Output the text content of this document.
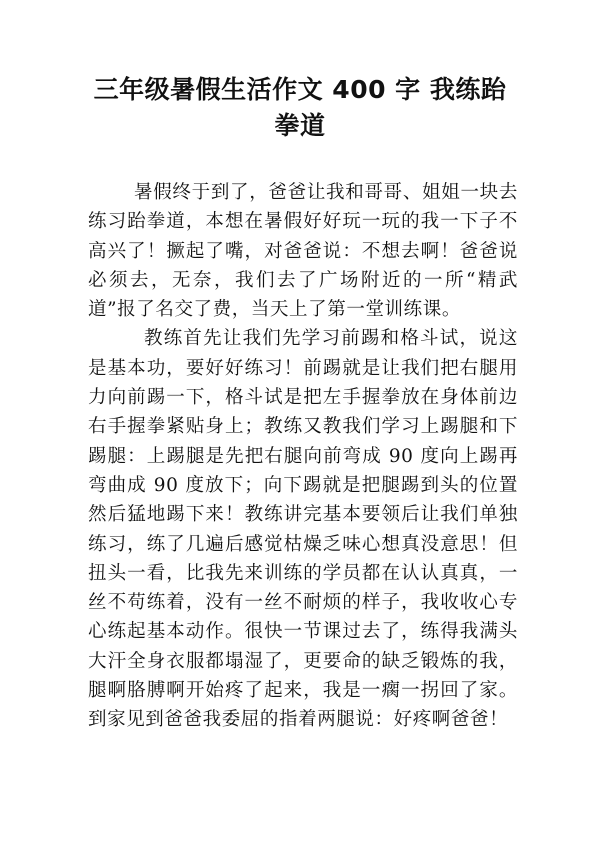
三年级暑假生活作文 400 字 我练跆拳道

暑假终于到了，爸爸让我和哥哥、姐姐一块去练习跆拳道，本想在暑假好好玩一玩的我一下子不高兴了！撅起了嘴，对爸爸说：不想去啊！爸爸说必须去，无奈，我们去了广场附近的一所“精武道”报了名交了费，当天上了第一堂训练课。

教练首先让我们先学习前踢和格斗试，说这是基本功，要好好练习！前踢就是让我们把右腿用力向前踢一下，格斗试是把左手握拳放在身体前边右手握拳紧贴身上；教练又教我们学习上踢腿和下踢腿：上踢腿是先把右腿向前弯成 90 度向上踢再弯曲成 90 度放下；向下踢就是把腿踢到头的位置然后猛地踢下来！教练讲完基本要领后让我们单独练习，练了几遍后感觉枯燥乏味心想真没意思！但扭头一看，比我先来训练的学员都在认认真真，一丝不苟练着，没有一丝不耐烦的样子，我收收心专心练起基本动作。很快一节课过去了，练得我满头大汗全身衣服都塌湿了，更要命的缺乏锻炼的我，腿啊胳膊啊开始疼了起来，我是一瘸一拐回了家。到家见到爸爸我委屈的指着两腿说：好疼啊爸爸！
